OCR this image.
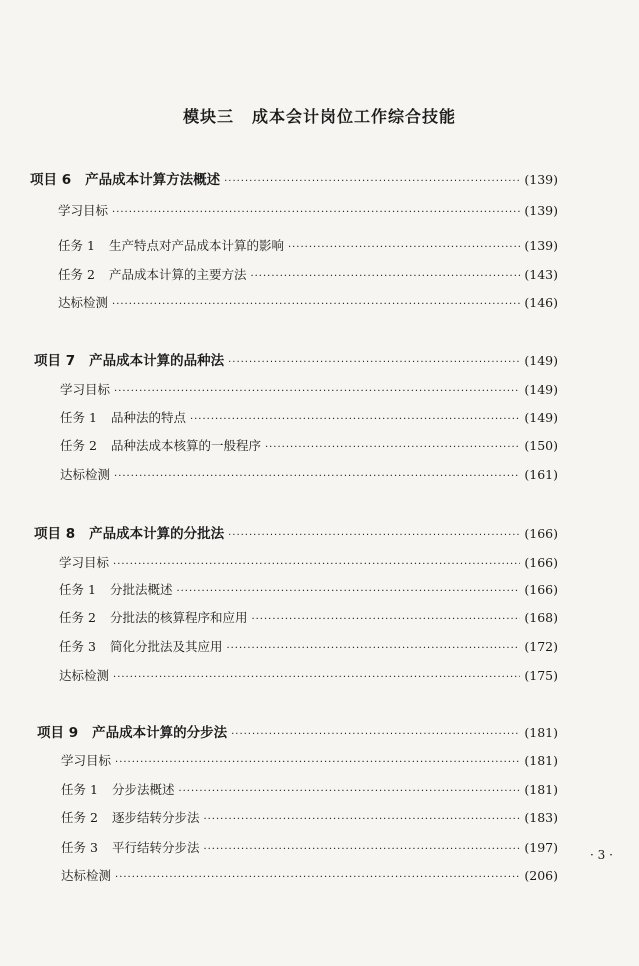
模块三 成本会计岗位工作综合技能
项目 6 产品成本计算方法概述 ·····	(139)
学习目标 ·····	(139)
任务 1 生产特点对产品成本计算的影响 ·····	(139)
任务 2 产品成本计算的主要方法 ·····	(143)
达标检测 ·····	(146)
项目 7 产品成本计算的品种法 ·····	(149)
学习目标 ·····	(149)
任务 1 品种法的特点 ·····	(149)
任务 2 品种法成本核算的一般程序 ·····	(150)
达标检测 ·····	(161)
项目 8 产品成本计算的分批法 ·····	(166)
学习目标 ·····	(166)
任务 1 分批法概述 ·····	(166)
任务 2 分批法的核算程序和应用 ·····	(168)
任务 3 简化分批法及其应用 ·····	(172)
达标检测 ·····	(175)
项目 9 产品成本计算的分步法 ·····	(181)
学习目标 ·····	(181)
任务 1 分步法概述 ·····	(181)
任务 2 逐步结转分步法 ·····	(183)
任务 3 平行结转分步法 ·····	(197)
达标检测 ·····	(206)
· 3 ·
